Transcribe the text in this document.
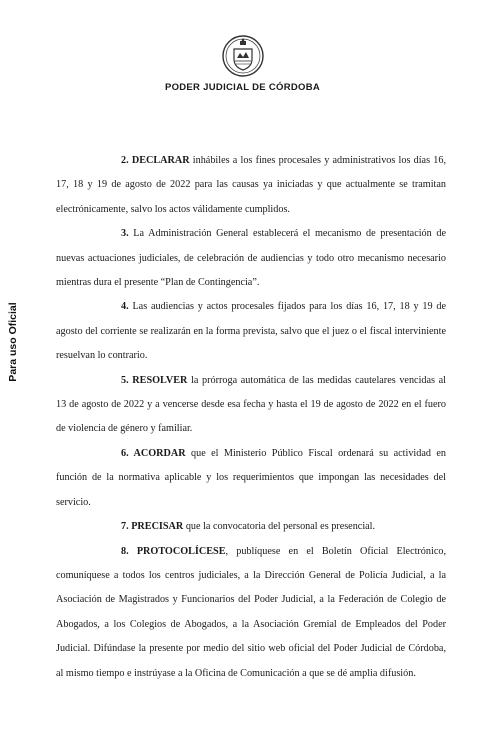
PODER JUDICIAL DE CÓRDOBA
Para uso Oficial

2. DECLARAR inhábiles a los fines procesales y administrativos los días 16, 17, 18 y 19 de agosto de 2022 para las causas ya iniciadas y que actualmente se tramitan electrónicamente, salvo los actos válidamente cumplidos.

3. La Administración General establecerá el mecanismo de presentación de nuevas actuaciones judiciales, de celebración de audiencias y todo otro mecanismo necesario mientras dura el presente “Plan de Contingencia”.

4. Las audiencias y actos procesales fijados para los días 16, 17, 18 y 19 de agosto del corriente se realizarán en la forma prevista, salvo que el juez o el fiscal interviniente resuelvan lo contrario.

5. RESOLVER la prórroga automática de las medidas cautelares vencidas al 13 de agosto de 2022 y a vencerse desde esa fecha y hasta el 19 de agosto de 2022 en el fuero de violencia de género y familiar.

6. ACORDAR que el Ministerio Público Fiscal ordenará su actividad en función de la normativa aplicable y los requerimientos que impongan las necesidades del servicio.

7. PRECISAR que la convocatoria del personal es presencial.

8. PROTOCOLÍCESE, publíquese en el Boletín Oficial Electrónico, comuníquese a todos los centros judiciales, a la Dirección General de Policía Judicial, a la Asociación de Magistrados y Funcionarios del Poder Judicial, a la Federación de Colegio de Abogados, a los Colegios de Abogados, a la Asociación Gremial de Empleados del Poder Judicial. Difúndase la presente por medio del sitio web oficial del Poder Judicial de Córdoba, al mismo tiempo e instrúyase a la Oficina de Comunicación a que se dé amplia difusión.
